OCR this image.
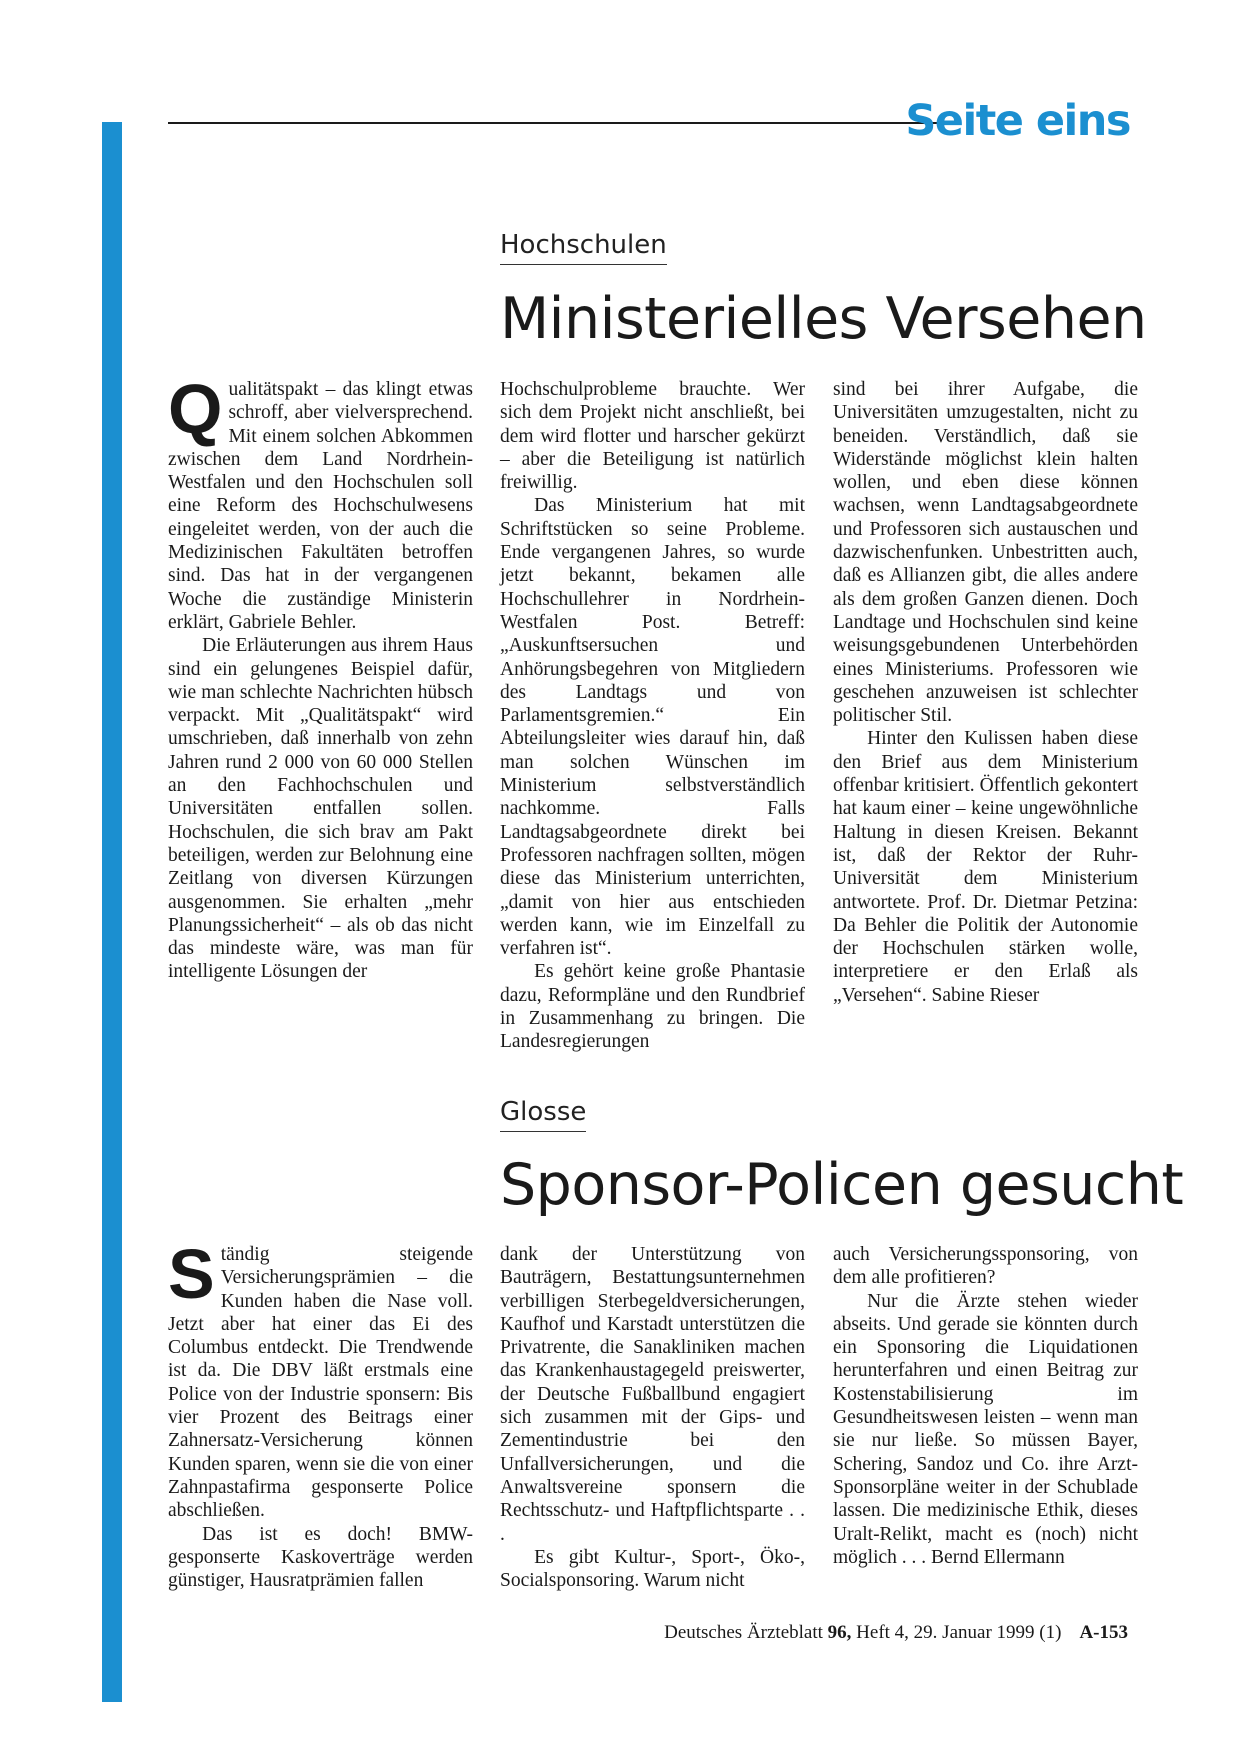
Seite eins
Hochschulen
Ministerielles Versehen

Qualitätspakt – das klingt etwas schroff, aber vielversprechend. Mit einem solchen Abkommen zwischen dem Land Nordrhein-Westfalen und den Hochschulen soll eine Reform des Hochschulwesens eingeleitet werden, von der auch die Medizinischen Fakultäten betroffen sind. Das hat in der vergangenen Woche die zuständige Ministerin erklärt, Gabriele Behler.

Die Erläuterungen aus ihrem Haus sind ein gelungenes Beispiel dafür, wie man schlechte Nachrichten hübsch verpackt. Mit „Qualitätspakt“ wird umschrieben, daß innerhalb von zehn Jahren rund 2 000 von 60 000 Stellen an den Fachhochschulen und Universitäten entfallen sollen. Hochschulen, die sich brav am Pakt beteiligen, werden zur Belohnung eine Zeitlang von diversen Kürzungen ausgenommen. Sie erhalten „mehr Planungssicherheit“ – als ob das nicht das mindeste wäre, was man für intelligente Lösungen der

Hochschulprobleme brauchte. Wer sich dem Projekt nicht anschließt, bei dem wird flotter und harscher gekürzt – aber die Beteiligung ist natürlich freiwillig.

Das Ministerium hat mit Schriftstücken so seine Probleme. Ende vergangenen Jahres, so wurde jetzt bekannt, bekamen alle Hochschullehrer in Nordrhein-Westfalen Post. Betreff: „Auskunftsersuchen und Anhörungsbegehren von Mitgliedern des Landtags und von Parlamentsgremien.“ Ein Abteilungsleiter wies darauf hin, daß man solchen Wünschen im Ministerium selbstverständlich nachkomme. Falls Landtagsabgeordnete direkt bei Professoren nachfragen sollten, mögen diese das Ministerium unterrichten, „damit von hier aus entschieden werden kann, wie im Einzelfall zu verfahren ist“.

Es gehört keine große Phantasie dazu, Reformpläne und den Rundbrief in Zusammenhang zu bringen. Die Landesregierungen

sind bei ihrer Aufgabe, die Universitäten umzugestalten, nicht zu beneiden. Verständlich, daß sie Widerstände möglichst klein halten wollen, und eben diese können wachsen, wenn Landtagsabgeordnete und Professoren sich austauschen und dazwischenfunken. Unbestritten auch, daß es Allianzen gibt, die alles andere als dem großen Ganzen dienen. Doch Landtage und Hochschulen sind keine weisungsgebundenen Unterbehörden eines Ministeriums. Professoren wie geschehen anzuweisen ist schlechter politischer Stil.

Hinter den Kulissen haben diese den Brief aus dem Ministerium offenbar kritisiert. Öffentlich gekontert hat kaum einer – keine ungewöhnliche Haltung in diesen Kreisen. Bekannt ist, daß der Rektor der Ruhr-Universität dem Ministerium antwortete. Prof. Dr. Dietmar Petzina: Da Behler die Politik der Autonomie der Hochschulen stärken wolle, interpretiere er den Erlaß als „Versehen“. Sabine Rieser

Glosse
Sponsor-Policen gesucht

Ständig steigende Versicherungsprämien – die Kunden haben die Nase voll. Jetzt aber hat einer das Ei des Columbus entdeckt. Die Trendwende ist da. Die DBV läßt erstmals eine Police von der Industrie sponsern: Bis vier Prozent des Beitrags einer Zahnersatz-Versicherung können Kunden sparen, wenn sie die von einer Zahnpastafirma gesponserte Police abschließen.

Das ist es doch! BMW-gesponserte Kaskoverträge werden günstiger, Hausratprämien fallen

dank der Unterstützung von Bauträgern, Bestattungsunternehmen verbilligen Sterbegeldversicherungen, Kaufhof und Karstadt unterstützen die Privatrente, die Sanakliniken machen das Krankenhaustagegeld preiswerter, der Deutsche Fußballbund engagiert sich zusammen mit der Gips- und Zementindustrie bei den Unfallversicherungen, und die Anwaltsvereine sponsern die Rechtsschutz- und Haftpflichtsparte . . .

Es gibt Kultur-, Sport-, Öko-, Socialsponsoring. Warum nicht

auch Versicherungssponsoring, von dem alle profitieren?

Nur die Ärzte stehen wieder abseits. Und gerade sie könnten durch ein Sponsoring die Liquidationen herunterfahren und einen Beitrag zur Kostenstabilisierung im Gesundheitswesen leisten – wenn man sie nur ließe. So müssen Bayer, Schering, Sandoz und Co. ihre Arzt-Sponsorpläne weiter in der Schublade lassen. Die medizinische Ethik, dieses Uralt-Relikt, macht es (noch) nicht möglich . . . Bernd Ellermann

Deutsches Ärzteblatt 96, Heft 4, 29. Januar 1999 (1) A-153
